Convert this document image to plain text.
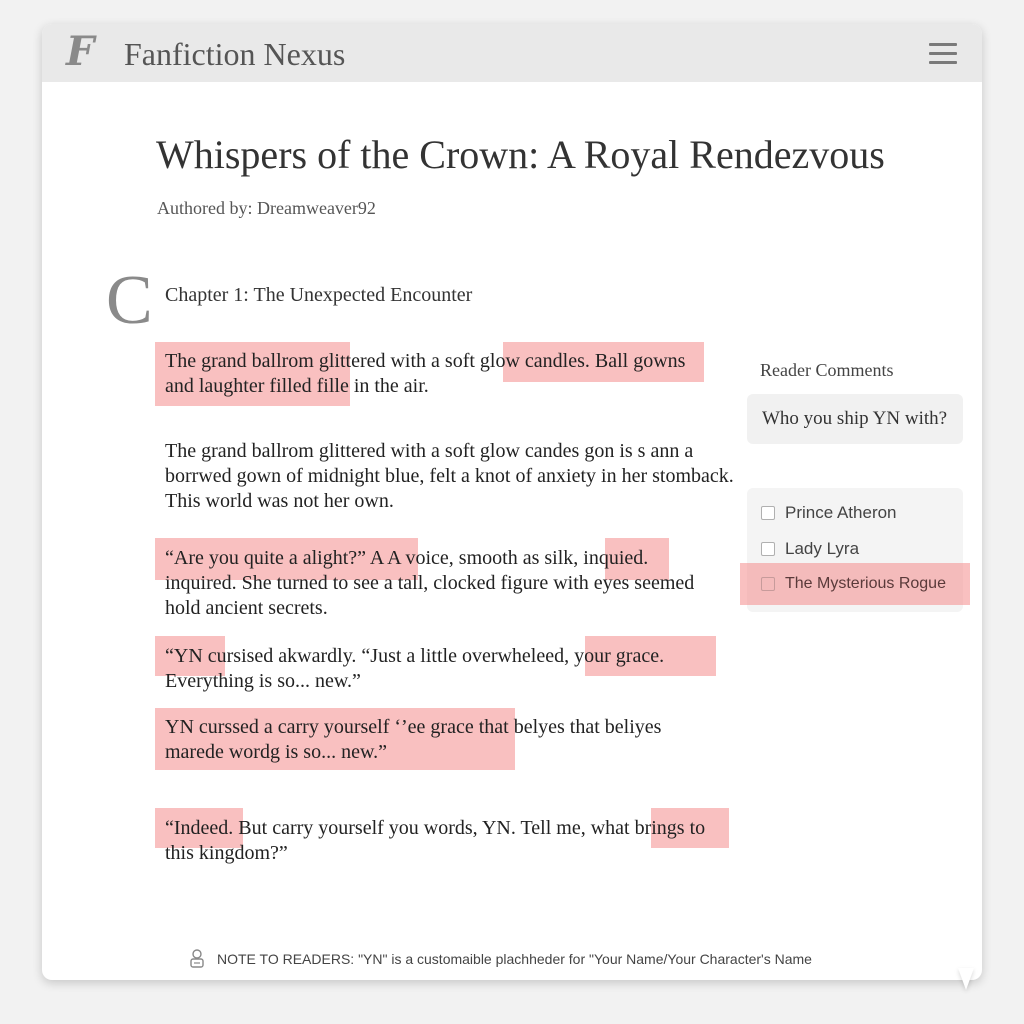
F Fanfiction Nexus
Whispers of the Crown: A Royal Rendezvous
Authored by: Dreamweaver92
C Chapter 1: The Unexpected Encounter
The grand ballrom glittered with a soft glow candles. Ball gowns
and laughter filled fille in the air.
The grand ballrom glittered with a soft glow candes gon is s ann a
borrwed gown of midnight blue, felt a knot of anxiety in her stomback.
This world was not her own.
“Are you quite a alight?” A A voice, smooth as silk, inquied.
inquired. She turned to see a tall, clocked figure with eyes seemed
hold ancient secrets.
“YN cursised akwardly. “Just a little overwheleed, your grace.
Everything is so... new.”
YN curssed a carry yourself ‘’ee grace that belyes that beliyes
marede wordg is so... new.”
“Indeed. But carry yourself you words, YN. Tell me, what brings to
this kingdom?”
Reader Comments
Who you ship YN with?
Prince Atheron
Lady Lyra
The Mysterious Rogue
NOTE TO READERS: "YN" is a customaible plachheder for "Your Name/Your Character's Name
